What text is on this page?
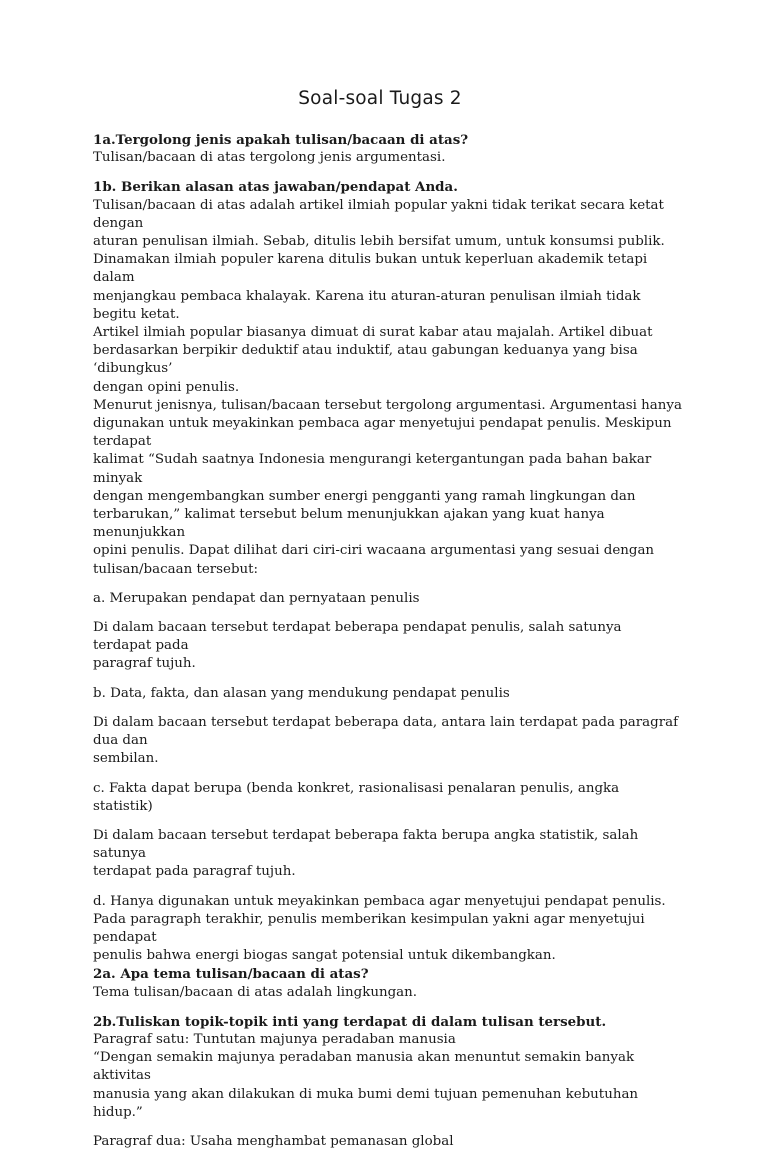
Soal-soal Tugas 2

1a.Tergolong jenis apakah tulisan/bacaan di atas?

Tulisan/bacaan di atas tergolong jenis argumentasi.

1b. Berikan alasan atas jawaban/pendapat Anda.

Tulisan/bacaan di atas adalah artikel ilmiah popular yakni tidak terikat secara ketat dengan

aturan penulisan ilmiah. Sebab, ditulis lebih bersifat umum, untuk konsumsi publik.

Dinamakan ilmiah populer karena ditulis bukan untuk keperluan akademik tetapi dalam

menjangkau pembaca khalayak. Karena itu aturan-aturan penulisan ilmiah tidak begitu ketat.

Artikel ilmiah popular biasanya dimuat di surat kabar atau majalah. Artikel dibuat

berdasarkan berpikir deduktif atau induktif, atau gabungan keduanya yang bisa ‘dibungkus’

dengan opini penulis.

Menurut jenisnya, tulisan/bacaan tersebut tergolong argumentasi. Argumentasi hanya

digunakan untuk meyakinkan pembaca agar menyetujui pendapat penulis. Meskipun terdapat

kalimat “Sudah saatnya Indonesia mengurangi ketergantungan pada bahan bakar minyak

dengan mengembangkan sumber energi pengganti yang ramah lingkungan dan

terbarukan,” kalimat tersebut belum menunjukkan ajakan yang kuat hanya menunjukkan

opini penulis. Dapat dilihat dari ciri-ciri wacaana argumentasi yang sesuai dengan

tulisan/bacaan tersebut:

a. Merupakan pendapat dan pernyataan penulis

Di dalam bacaan tersebut terdapat beberapa pendapat penulis, salah satunya terdapat pada

paragraf tujuh.

b. Data, fakta, dan alasan yang mendukung pendapat penulis

Di dalam bacaan tersebut terdapat beberapa data, antara lain terdapat pada paragraf dua dan

sembilan.

c. Fakta dapat berupa (benda konkret, rasionalisasi penalaran penulis, angka statistik)

Di dalam bacaan tersebut terdapat beberapa fakta berupa angka statistik, salah satunya

terdapat pada paragraf tujuh.

d. Hanya digunakan untuk meyakinkan pembaca agar menyetujui pendapat penulis.

Pada paragraph terakhir, penulis memberikan kesimpulan yakni agar menyetujui pendapat

penulis bahwa energi biogas sangat potensial untuk dikembangkan.

2a. Apa tema tulisan/bacaan di atas?

Tema tulisan/bacaan di atas adalah lingkungan.

2b.Tuliskan topik-topik inti yang terdapat di dalam tulisan tersebut.

Paragraf satu: Tuntutan majunya peradaban manusia

“Dengan semakin majunya peradaban manusia akan menuntut semakin banyak aktivitas

manusia yang akan dilakukan di muka bumi demi tujuan pemenuhan kebutuhan hidup.”

Paragraf dua: Usaha menghambat pemanasan global
